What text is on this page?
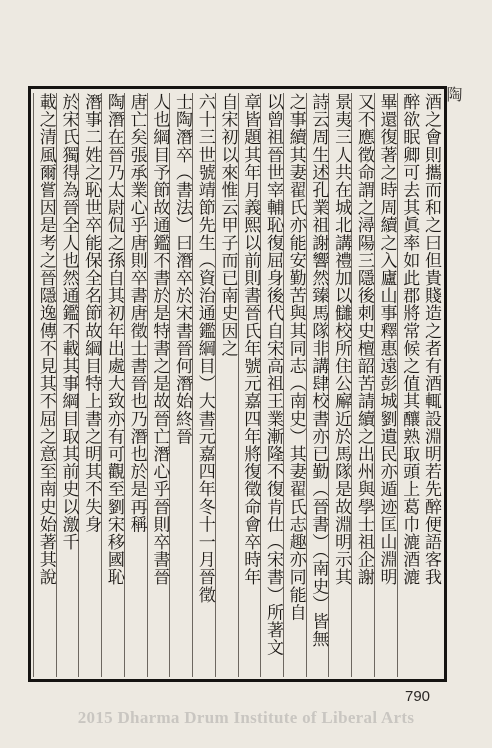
陶
酒之會則攜而和之曰但貴賤造之者有酒輒設淵明若先醉便語客我
醉欲眠卿可去其眞率如此郡將常候之值其釀熟取頭上葛巾漉酒漉
畢還復著之時周續之入廬山事釋惠遠彭城劉遺民亦遁迹匡山淵明
又不應徵命謂之潯陽三隱後刺史檀韶苦請續之出州與學士祖企謝
景夷三人共在城北講禮加以讎校所住公廨近於馬隊是故淵明示其
詩云周生述孔業祖謝響然臻馬隊非講肆校書亦已勤（晉書）（南史）皆無
之事續其妻翟氏亦能安勤苦與其同志（南史）其妻翟氏志趣亦同能自
以曾祖晉世宰輔恥復屈身後代自宋高祖王業漸隆不復肯仕（宋書）所著文
章皆題其年月義熙以前則書晉氏年號元嘉四年將復徵命會卒時年
自宋初以來惟云甲子而已南史因之
六十三世號靖節先生（資治通鑑綱目）大書元嘉四年冬十一月晉徵
士陶潛卒（書法）曰潛卒於宋書晉何潛始終晉
人也綱目予節故通鑑不書於是特書之是故晉亡潛心乎晉則卒書晉
唐亡矣張承業心乎唐則卒書唐徵士書晉也乃潛也於是再稱
陶潛在晉乃太尉侃之孫自其初年出處大致亦有可觀至劉宋移國恥
潛事二姓之恥世卒能保全名節故綱目特上書之明其不失身
於宋氏獨得為晉全人也然通鑑不載其事綱目取其前史以激千
載之清風爾嘗因是考之晉隱逸傳不見其不屈之意至南史始著其說
790
2015 Dharma Drum Institute of Liberal Arts
